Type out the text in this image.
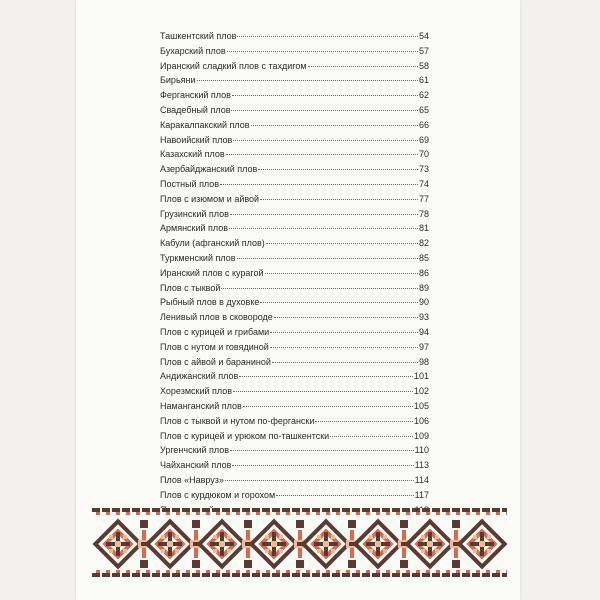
Ташкентский плов	54
Бухарский плов	57
Иранский сладкий плов с тахдигом	58
Бирьяни	61
Ферганский плов	62
Свадебный плов	65
Каракалпакский плов	66
Навоийский плов	69
Казахский плов	70
Азербайджанский плов	73
Постный плов	74
Плов с изюмом и айвой	77
Грузинский плов	78
Армянский плов	81
Кабули (афганский плов)	82
Туркменский плов	85
Иранский плов с курагой	86
Плов с тыквой	89
Рыбный плов в духовке	90
Ленивый плов в сковороде	93
Плов с курицей и грибами	94
Плов с нутом и говядиной	97
Плов с айвой и бараниной	98
Андижанский плов	101
Хорезмский плов	102
Наманганский плов	105
Плов с тыквой и нутом по-ферганcки	106
Плов с курицей и урюком по-ташкентски	109
Ургенчский плов	110
Чайханский плов	113
Плов «Навруз»	114
Плов с курдюком и горохом	117
